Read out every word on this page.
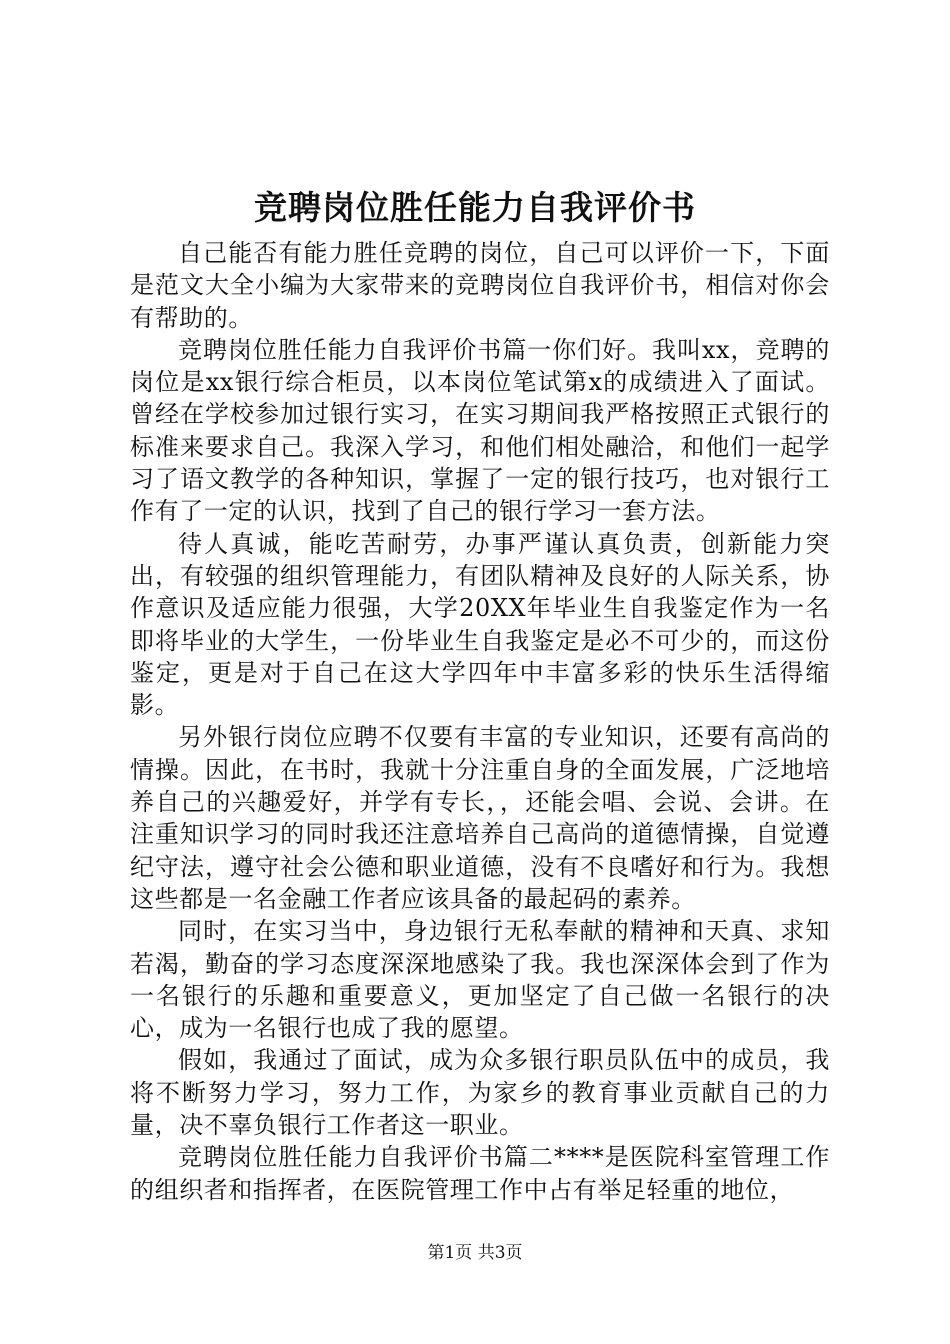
竞聘岗位胜任能力自我评价书

自己能否有能力胜任竞聘的岗位，自己可以评价一下，下面是范文大全小编为大家带来的竞聘岗位自我评价书，相信对你会有帮助的。

竞聘岗位胜任能力自我评价书篇一你们好。我叫xx，竞聘的岗位是xx银行综合柜员，以本岗位笔试第x的成绩进入了面试。曾经在学校参加过银行实习，在实习期间我严格按照正式银行的标准来要求自己。我深入学习，和他们相处融洽，和他们一起学习了语文教学的各种知识，掌握了一定的银行技巧，也对银行工作有了一定的认识，找到了自己的银行学习一套方法。

待人真诚，能吃苦耐劳，办事严谨认真负责，创新能力突出，有较强的组织管理能力，有团队精神及良好的人际关系，协作意识及适应能力很强，大学20XX年毕业生自我鉴定作为一名即将毕业的大学生，一份毕业生自我鉴定是必不可少的，而这份鉴定，更是对于自己在这大学四年中丰富多彩的快乐生活得缩影。

另外银行岗位应聘不仅要有丰富的专业知识，还要有高尚的情操。因此，在书时，我就十分注重自身的全面发展，广泛地培养自己的兴趣爱好，并学有专长，，还能会唱、会说、会讲。在注重知识学习的同时我还注意培养自己高尚的道德情操，自觉遵纪守法，遵守社会公德和职业道德，没有不良嗜好和行为。我想这些都是一名金融工作者应该具备的最起码的素养。

同时，在实习当中，身边银行无私奉献的精神和天真、求知若渴，勤奋的学习态度深深地感染了我。我也深深体会到了作为一名银行的乐趣和重要意义，更加坚定了自己做一名银行的决心，成为一名银行也成了我的愿望。

假如，我通过了面试，成为众多银行职员队伍中的成员，我将不断努力学习，努力工作，为家乡的教育事业贡献自己的力量，决不辜负银行工作者这一职业。

竞聘岗位胜任能力自我评价书篇二****是医院科室管理工作的组织者和指挥者，在医院管理工作中占有举足轻重的地位，

第1页 共3页
